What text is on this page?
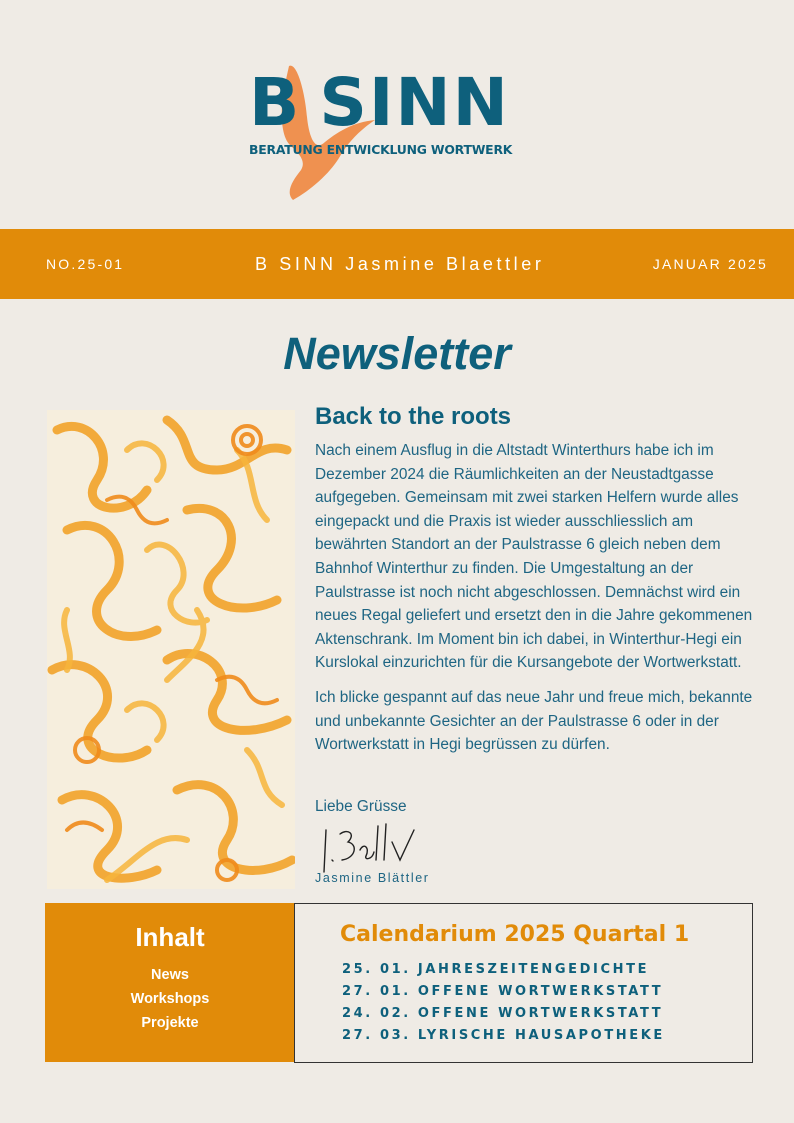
B SINN
BERATUNG ENTWICKLUNG WORTWERK
NO.25-01	B SINN Jasmine Blaettler	JANUAR 2025
Newsletter
Back to the roots

Nach einem Ausflug in die Altstadt Winterthurs habe ich im Dezember 2024 die Räumlichkeiten an der Neustadtgasse aufgegeben. Gemeinsam mit zwei starken Helfern wurde alles eingepackt und die Praxis ist wieder ausschliesslich am bewährten Standort an der Paulstrasse 6 gleich neben dem Bahnhof Winterthur zu finden. Die Umgestaltung an der Paulstrasse ist noch nicht abgeschlossen. Demnächst wird ein neues Regal geliefert und ersetzt den in die Jahre gekommenen Aktenschrank. Im Moment bin ich dabei, in Winterthur-Hegi ein Kurslokal einzurichten für die Kursangebote der Wortwerkstatt.

Ich blicke gespannt auf das neue Jahr und freue mich, bekannte und unbekannte Gesichter an der Paulstrasse 6 oder in der Wortwerkstatt in Hegi begrüssen zu dürfen.

Liebe Grüsse
Jasmine Blättler
Inhalt
News
Workshops
Projekte
Calendarium 2025 Quartal 1
25. 01. JAHRESZEITENGEDICHTE
27. 01. OFFENE WORTWERKSTATT
24. 02. OFFENE WORTWERKSTATT
27. 03. LYRISCHE HAUSAPOTHEKE
